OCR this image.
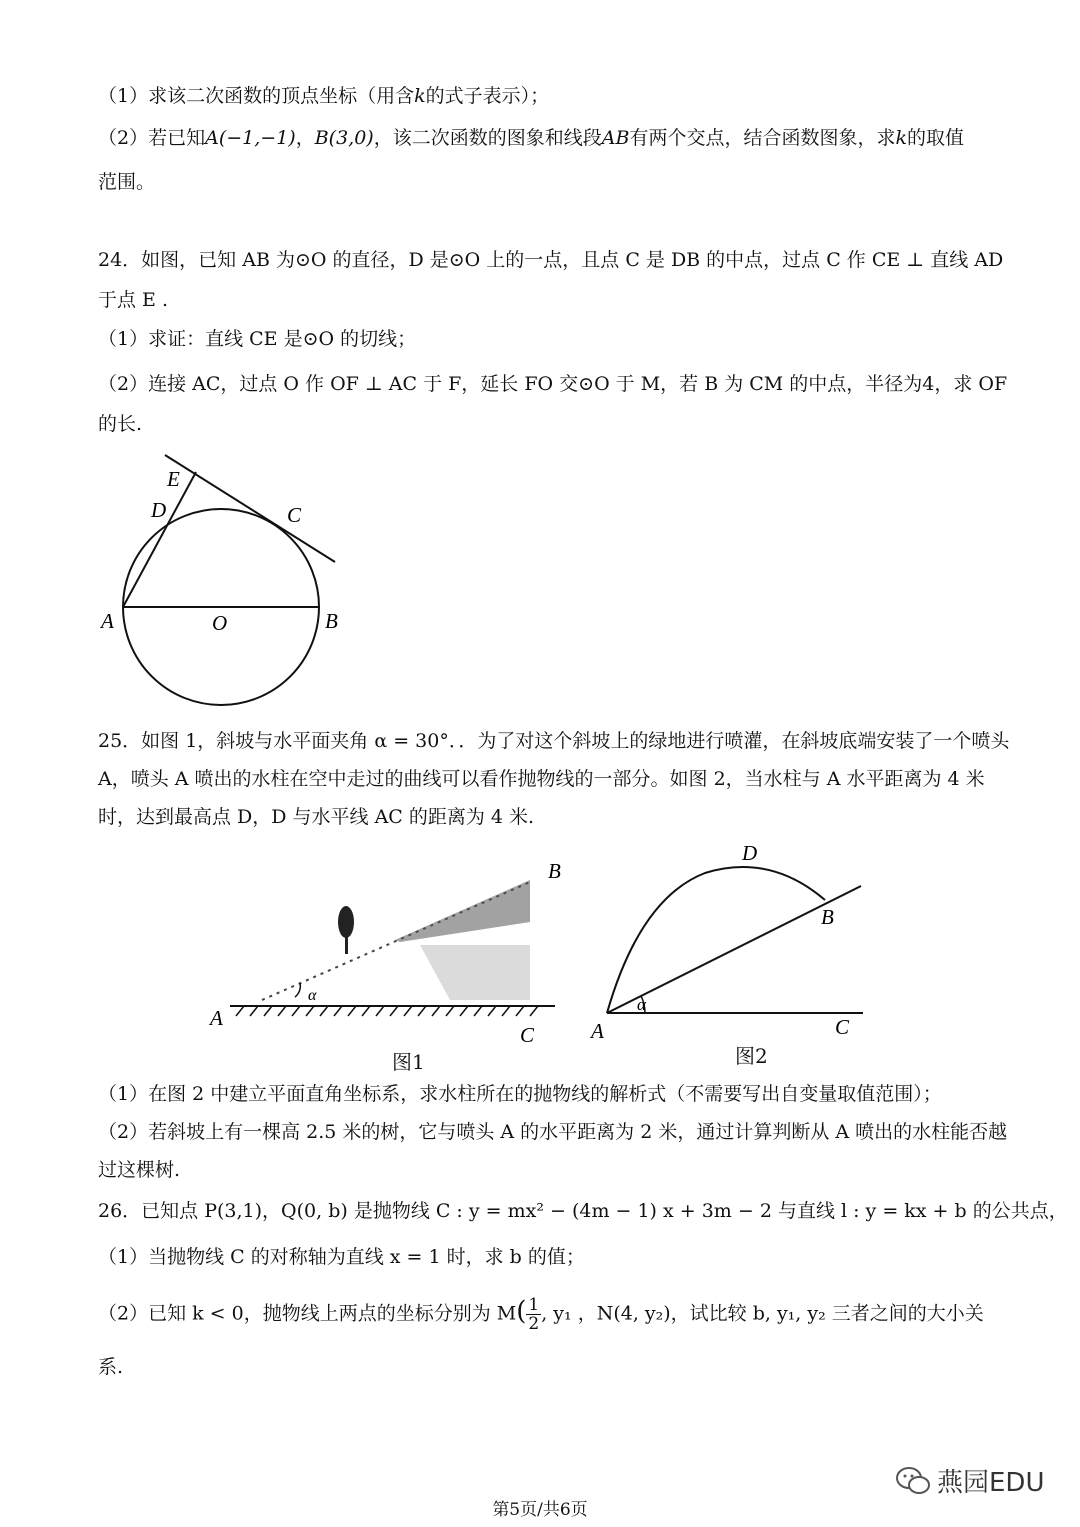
（1）求该二次函数的顶点坐标（用含k的式子表示）；
（2）若已知A(−1,−1)，B(3,0)，该二次函数的图象和线段AB有两个交点，结合函数图象，求k的取值
范围。
24．如图，已知 AB 为⊙O 的直径，D 是⊙O 上的一点，且点 C 是 DB 的中点，过点 C 作 CE ⊥ 直线 AD
于点 E .
（1）求证：直线 CE 是⊙O 的切线；
（2）连接 AC，过点 O 作 OF ⊥ AC 于 F，延长 FO 交⊙O 于 M，若 B 为 CM 的中点，半径为4，求 OF
的长.
E
D	C
A	O	B
25．如图 1，斜坡与水平面夹角 α = 30°．．为了对这个斜坡上的绿地进行喷灌，在斜坡底端安装了一个喷头
A，喷头 A 喷出的水柱在空中走过的曲线可以看作抛物线的一部分。如图 2，当水柱与 A 水平距离为 4 米
时，达到最高点 D，D 与水平线 AC 的距离为 4 米.
α
A
B
C
图1
α
D
B
A	C
图2
（1）在图 2 中建立平面直角坐标系，求水柱所在的抛物线的解析式（不需要写出自变量取值范围）；
（2）若斜坡上有一棵高 2.5 米的树，它与喷头 A 的水平距离为 2 米，通过计算判断从 A 喷出的水柱能否越
过这棵树.
26．已知点 P(3,1)，Q(0, b) 是抛物线 C : y = mx² − (4m − 1) x + 3m − 2 与直线 l : y = kx + b 的公共点，
（1）当抛物线 C 的对称轴为直线 x = 1 时，求 b 的值；
（2）已知 k < 0，抛物线上两点的坐标分别为 $M( \frac{1}{2}$ , y₁ ，N(4, y₂)，试比较 b, y₁, y₂ 三者之间的大小关
系.
燕园EDU
第5页/共6页
